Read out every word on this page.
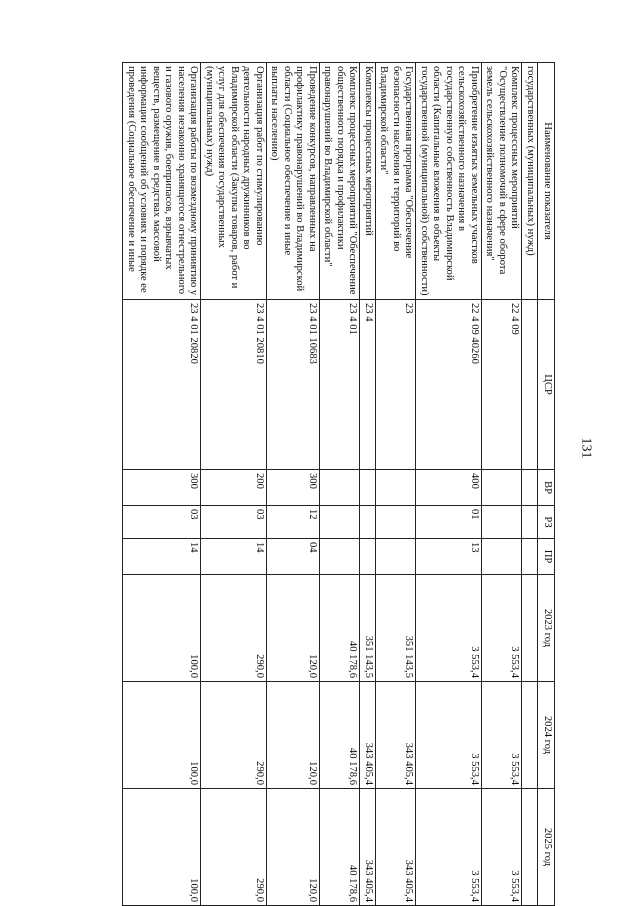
131
Наименование показателя	ЦСР	ВР	РЗ	ПР	2023 год	2024 год	2025 год
государственных (муниципальных) нужд)							
Комплекс процессных мероприятий "Осуществление полномочий в сфере оборота земель сельскохозяйственного назначения"	22 4 09				3 553,4	3 553,4	3 553,4
Приобретение изъятых земельных участков сельскохозяйственного назначения в государственную собственность Владимирской области (Капитальные вложения в объекты государственной (муниципальной) собственности)	22 4 09 40260	400	01	13	3 553,4	3 553,4	3 553,4
Государственная программа "Обеспечение безопасности населения и территорий во Владимирской области"	23				351 143,5	343 405,4	343 405,4
Комплексы процессных мероприятий	23 4				351 143,5	343 405,4	343 405,4
Комплекс процессных мероприятий "Обеспечение общественного порядка и профилактики правонарушений во Владимирской области"	23 4 01				40 178,6	40 178,6	40 178,6
Проведение конкурсов, направленных на профилактику правонарушений во Владимирской области (Социальное обеспечение и иные выплаты населению)	23 4 01 10683	300	12	04	120,0	120,0	120,0
Организация работ по стимулированию деятельности народных дружинников во Владимирской области (Закупка товаров, работ и услуг для обеспечения государственных (муниципальных) нужд)	23 4 01 20810	200	03	14	290,0	290,0	290,0
Организация работы по возмездному приниятию у населения незаконно хранящегося огнестрельного и газового оружия, боеприпасов, взрывчатых веществ, размещение в средствах массовой информации сообщений об условиях и порядке ее проведения (Социальное обеспечение и иные	23 4 01 20820	300	03	14	100,0	100,0	100,0
